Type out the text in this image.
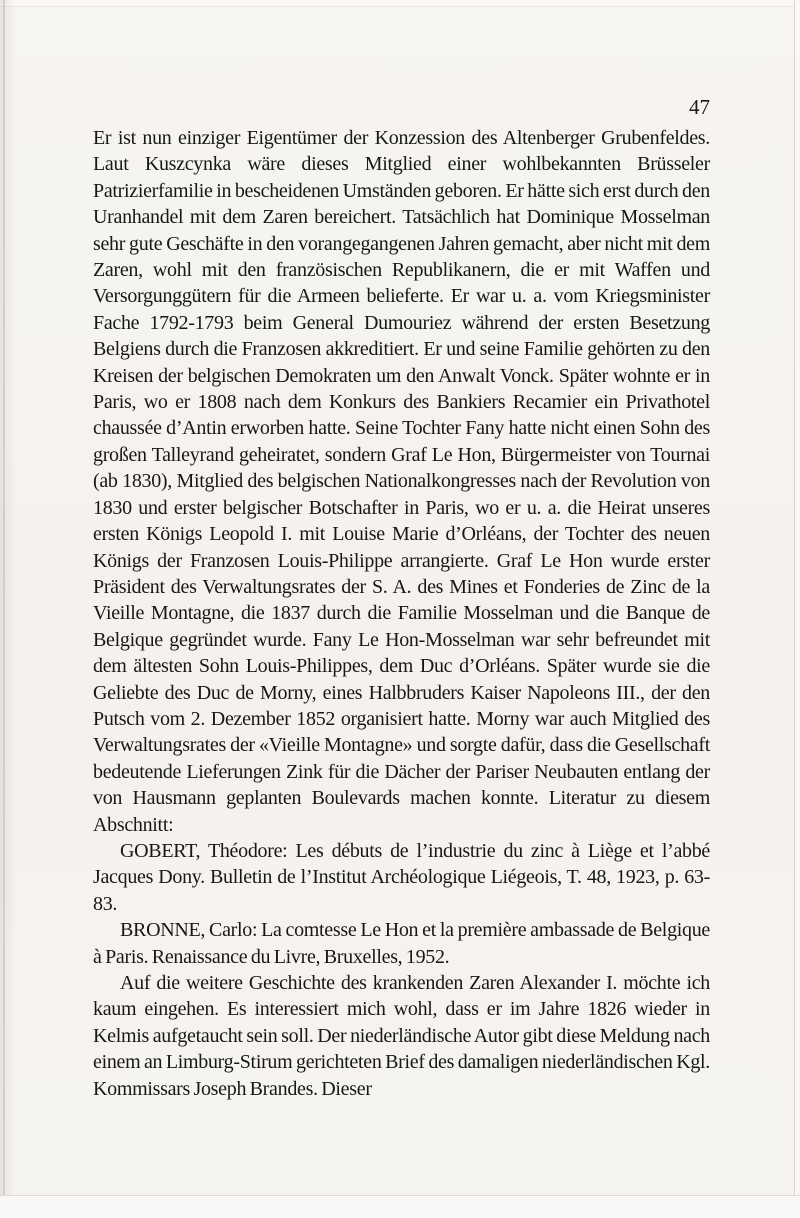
47

Er ist nun einziger Eigentümer der Konzession des Altenberger Grubenfeldes. Laut Kuszcynka wäre dieses Mitglied einer wohlbekannten Brüsseler Patrizierfamilie in bescheidenen Umständen geboren. Er hätte sich erst durch den Uranhandel mit dem Zaren bereichert. Tatsächlich hat Dominique Mosselman sehr gute Geschäfte in den vorangegangenen Jahren gemacht, aber nicht mit dem Zaren, wohl mit den französischen Republikanern, die er mit Waffen und Versorgunggütern für die Armeen belieferte. Er war u. a. vom Kriegsminister Fache 1792-1793 beim General Dumouriez während der ersten Besetzung Belgiens durch die Franzosen akkreditiert. Er und seine Familie gehörten zu den Kreisen der belgischen Demokraten um den Anwalt Vonck. Später wohnte er in Paris, wo er 1808 nach dem Konkurs des Bankiers Recamier ein Privathotel chaussée d’Antin erworben hatte. Seine Tochter Fany hatte nicht einen Sohn des großen Talleyrand geheiratet, sondern Graf Le Hon, Bürgermeister von Tournai (ab 1830), Mitglied des belgischen Nationalkongresses nach der Revolution von 1830 und erster belgischer Botschafter in Paris, wo er u. a. die Heirat unseres ersten Königs Leopold I. mit Louise Marie d’Orléans, der Tochter des neuen Königs der Franzosen Louis-Philippe arrangierte. Graf Le Hon wurde erster Präsident des Verwaltungsrates der S. A. des Mines et Fonderies de Zinc de la Vieille Montagne, die 1837 durch die Familie Mosselman und die Banque de Belgique gegründet wurde. Fany Le Hon-Mosselman war sehr befreundet mit dem ältesten Sohn Louis-Philippes, dem Duc d’Orléans. Später wurde sie die Geliebte des Duc de Morny, eines Halbbruders Kaiser Napoleons III., der den Putsch vom 2. Dezember 1852 organisiert hatte. Morny war auch Mitglied des Verwaltungsrates der «Vieille Montagne» und sorgte dafür, dass die Gesellschaft bedeutende Lieferungen Zink für die Dächer der Pariser Neubauten entlang der von Hausmann geplanten Boulevards machen konnte. Literatur zu diesem Abschnitt:

GOBERT, Théodore: Les débuts de l’industrie du zinc à Liège et l’abbé Jacques Dony. Bulletin de l’Institut Archéologique Liégeois, T. 48, 1923, p. 63-83.

BRONNE, Carlo: La comtesse Le Hon et la première ambassade de Belgique à Paris. Renaissance du Livre, Bruxelles, 1952.

Auf die weitere Geschichte des krankenden Zaren Alexander I. möchte ich kaum eingehen. Es interessiert mich wohl, dass er im Jahre 1826 wieder in Kelmis aufgetaucht sein soll. Der niederländische Autor gibt diese Meldung nach einem an Limburg-Stirum gerichteten Brief des damaligen niederländischen Kgl. Kommissars Joseph Brandes. Dieser
